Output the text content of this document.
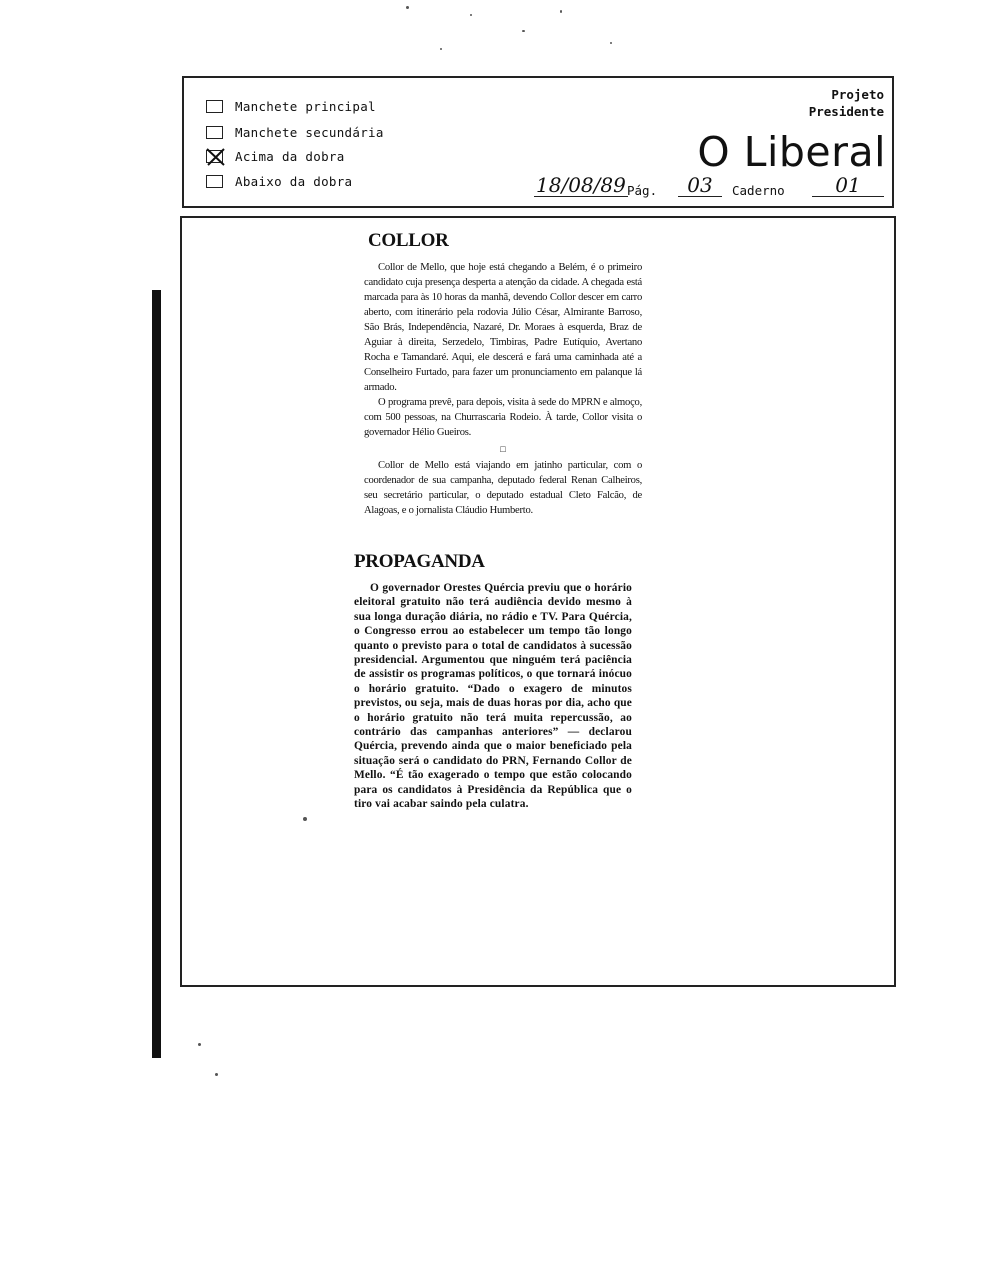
Manchete principal
Manchete secundária
Acima da dobra
Abaixo da dobra
Projeto
Presidente
O Liberal
18/08/89 Pág.	03	Caderno	01
COLLOR

Collor de Mello, que hoje está chegando a Belém, é o primeiro candidato cuja presença desperta a atenção da cidade. A chegada está marcada para às 10 horas da manhã, devendo Collor descer em carro aberto, com itinerário pela rodovia Júlio César, Almirante Barroso, São Brás, Independência, Nazaré, Dr. Moraes à esquerda, Braz de Aguiar à direita, Serzedelo, Timbiras, Padre Eutíquio, Avertano Rocha e Tamandaré. Aqui, ele descerá e fará uma caminhada até a Conselheiro Furtado, para fazer um pronunciamento em palanque lá armado.

O programa prevê, para depois, visita à sede do MPRN e almoço, com 500 pessoas, na Churrascaria Rodeio. À tarde, Collor visita o governador Hélio Gueiros.

□

Collor de Mello está viajando em jatinho particular, com o coordenador de sua campanha, deputado federal Renan Calheiros, seu secretário particular, o deputado estadual Cleto Falcão, de Alagoas, e o jornalista Cláudio Humberto.

PROPAGANDA

O governador Orestes Quércia previu que o horário eleitoral gratuito não terá audiência devido mesmo à sua longa duração diária, no rádio e TV. Para Quércia, o Congresso errou ao estabelecer um tempo tão longo quanto o previsto para o total de candidatos à sucessão presidencial. Argumentou que ninguém terá paciência de assistir os programas políticos, o que tornará inócuo o horário gratuito. “Dado o exagero de minutos previstos, ou seja, mais de duas horas por dia, acho que o horário gratuito não terá muita repercussão, ao contrário das campanhas anteriores” — declarou Quércia, prevendo ainda que o maior beneficiado pela situação será o candidato do PRN, Fernando Collor de Mello. “É tão exagerado o tempo que estão colocando para os candidatos à Presidência da República que o tiro vai acabar saindo pela culatra.
